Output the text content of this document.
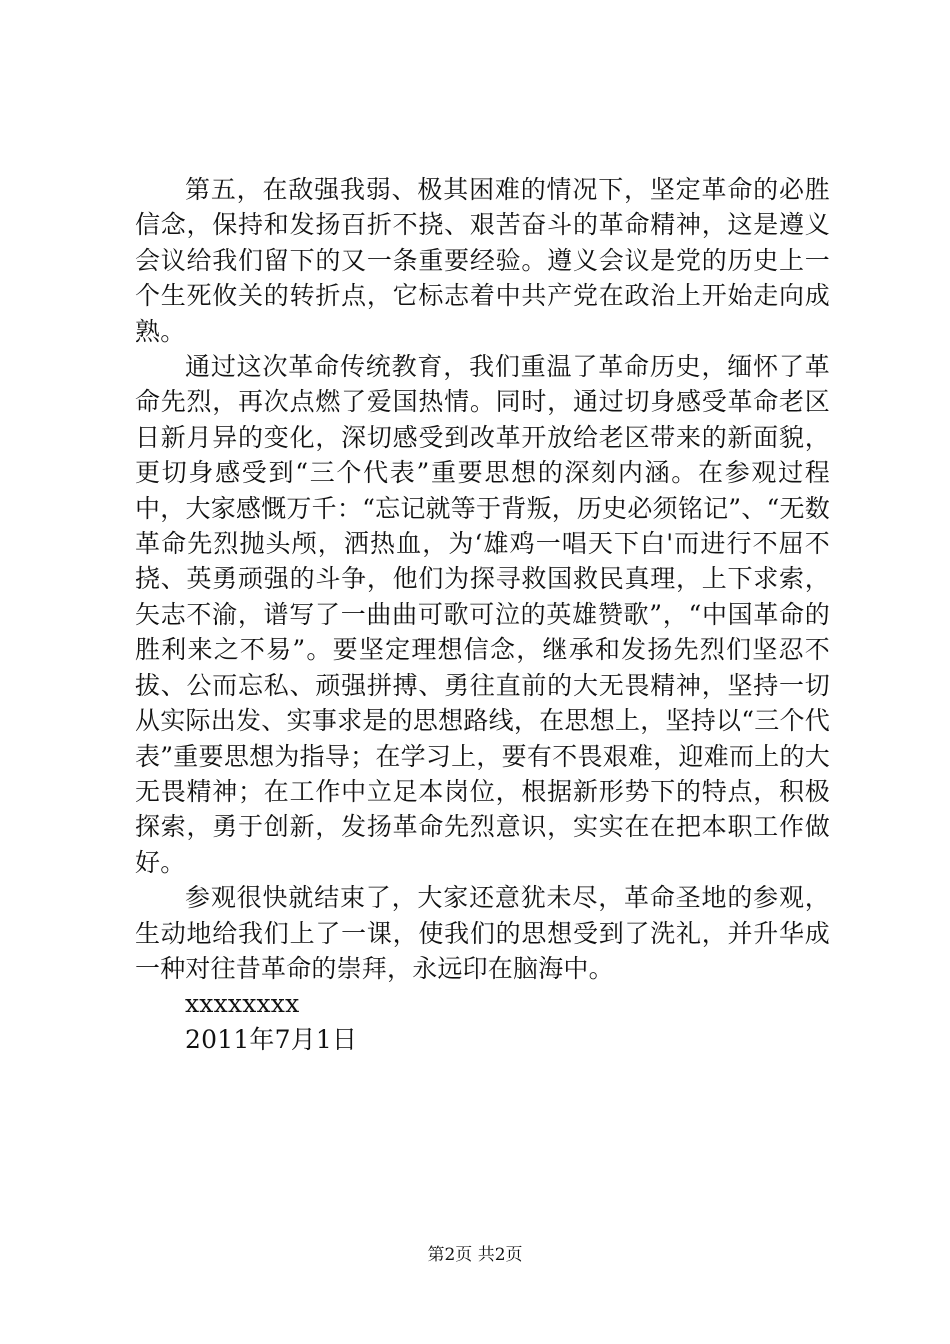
第五，在敌强我弱、极其困难的情况下，坚定革命的必胜信念，保持和发扬百折不挠、艰苦奋斗的革命精神，这是遵义会议给我们留下的又一条重要经验。遵义会议是党的历史上一个生死攸关的转折点，它标志着中共产党在政治上开始走向成熟。

通过这次革命传统教育，我们重温了革命历史，缅怀了革命先烈，再次点燃了爱国热情。同时，通过切身感受革命老区日新月异的变化，深切感受到改革开放给老区带来的新面貌，更切身感受到“三个代表”重要思想的深刻内涵。在参观过程中，大家感慨万千：“忘记就等于背叛，历史必须铭记”、“无数革命先烈抛头颅，洒热血，为‘雄鸡一唱天下白'而进行不屈不挠、英勇顽强的斗争，他们为探寻救国救民真理，上下求索，矢志不渝，谱写了一曲曲可歌可泣的英雄赞歌”，“中国革命的胜利来之不易”。要坚定理想信念，继承和发扬先烈们坚忍不拔、公而忘私、顽强拼搏、勇往直前的大无畏精神，坚持一切从实际出发、实事求是的思想路线，在思想上，坚持以“三个代表”重要思想为指导；在学习上，要有不畏艰难，迎难而上的大无畏精神；在工作中立足本岗位，根据新形势下的特点，积极探索，勇于创新，发扬革命先烈意识，实实在在把本职工作做好。

参观很快就结束了，大家还意犹未尽，革命圣地的参观，生动地给我们上了一课，使我们的思想受到了洗礼，并升华成一种对往昔革命的崇拜，永远印在脑海中。

xxxxxxxx
2011年7月1日
第2页 共2页
